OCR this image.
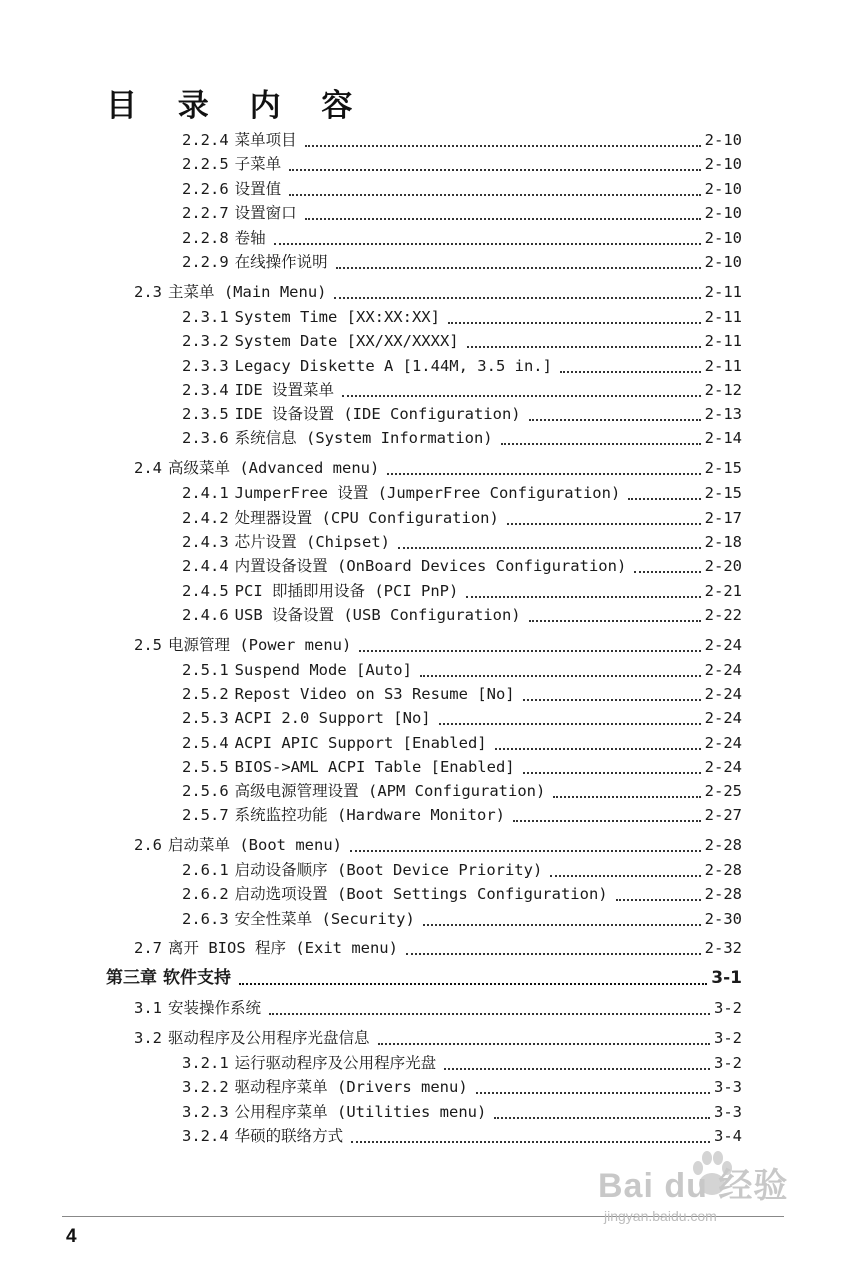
目 录 内 容
2.2.4 菜单项目	2-10
2.2.5 子菜单	2-10
2.2.6 设置值	2-10
2.2.7 设置窗口	2-10
2.2.8 卷轴	2-10
2.2.9 在线操作说明	2-10
2.3 主菜单 (Main Menu)	2-11
2.3.1 System Time [XX:XX:XX]	2-11
2.3.2 System Date [XX/XX/XXXX]	2-11
2.3.3 Legacy Diskette A [1.44M, 3.5 in.]	2-11
2.3.4 IDE 设置菜单	2-12
2.3.5 IDE 设备设置 (IDE Configuration)	2-13
2.3.6 系统信息 (System Information)	2-14
2.4 高级菜单 (Advanced menu)	2-15
2.4.1 JumperFree 设置 (JumperFree Configuration)	2-15
2.4.2 处理器设置 (CPU Configuration)	2-17
2.4.3 芯片设置 (Chipset)	2-18
2.4.4 内置设备设置 (OnBoard Devices Configuration)	2-20
2.4.5 PCI 即插即用设备 (PCI PnP)	2-21
2.4.6 USB 设备设置 (USB Configuration)	2-22
2.5 电源管理 (Power menu)	2-24
2.5.1 Suspend Mode [Auto]	2-24
2.5.2 Repost Video on S3 Resume [No]	2-24
2.5.3 ACPI 2.0 Support [No]	2-24
2.5.4 ACPI APIC Support [Enabled]	2-24
2.5.5 BIOS->AML ACPI Table [Enabled]	2-24
2.5.6 高级电源管理设置 (APM Configuration)	2-25
2.5.7 系统监控功能 (Hardware Monitor)	2-27
2.6 启动菜单 (Boot menu)	2-28
2.6.1 启动设备顺序 (Boot Device Priority)	2-28
2.6.2 启动选项设置 (Boot Settings Configuration)	2-28
2.6.3 安全性菜单 (Security)	2-30
2.7 离开 BIOS 程序 (Exit menu)	2-32
第三章 软件支持	3-1
3.1 安装操作系统	3-2
3.2 驱动程序及公用程序光盘信息	3-2
3.2.1 运行驱动程序及公用程序光盘	3-2
3.2.2 驱动程序菜单 (Drivers menu)	3-3
3.2.3 公用程序菜单 (Utilities menu)	3-3
3.2.4 华硕的联络方式	3-4
4
Bai du 经验
jingyan.baidu.com
